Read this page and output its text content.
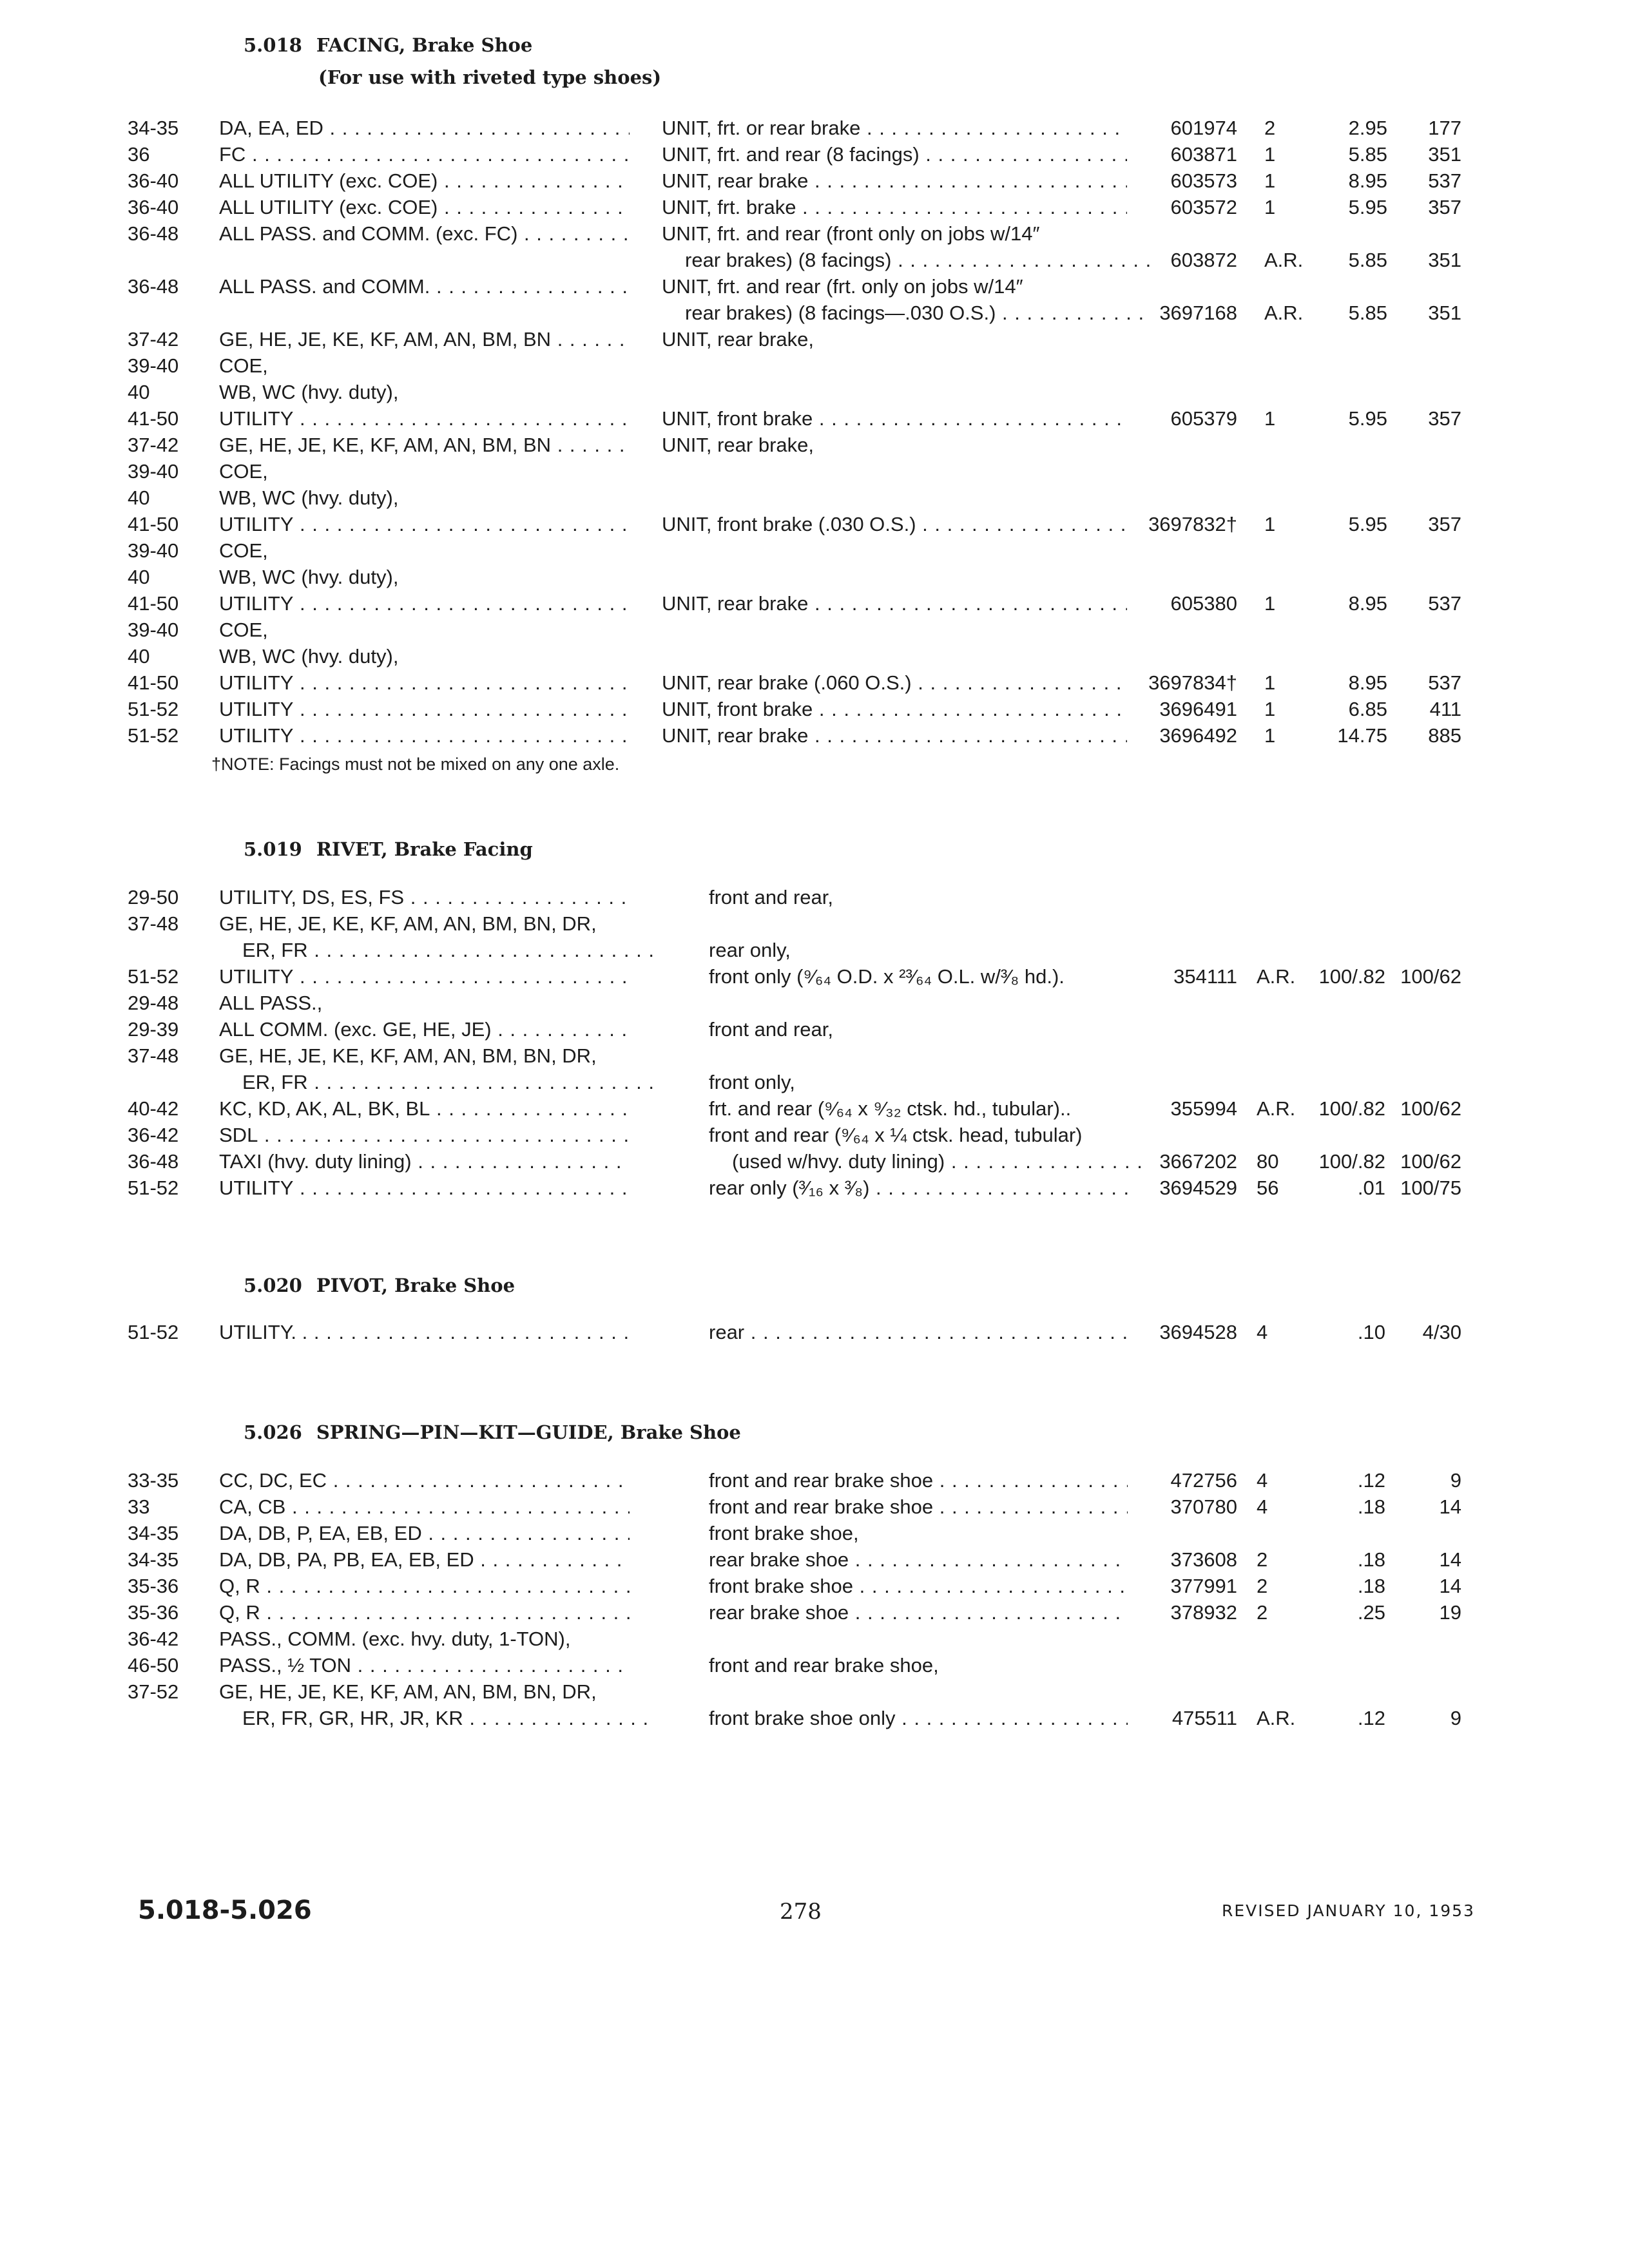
5.018 FACING, Brake Shoe
(For use with riveted type shoes)
34-35	DA, EA, ED . . .	UNIT, frt. or rear brake . . .	601974 2	2.95	177
36	FC . . .	UNIT, frt. and rear (8 facings) . . .	603871 1	5.85	351
36-40	ALL UTILITY (exc. COE) . . .	UNIT, rear brake . . .	603573 1	8.95	537
36-40	ALL UTILITY (exc. COE) . . .	UNIT, frt. brake . . .	603572 1	5.95	357
36-48	ALL PASS. and COMM. (exc. FC) . . .	UNIT, frt. and rear (front only on jobs w/14″
rear brakes) (8 facings) . . .	603872 A.R.	5.85	351
36-48	ALL PASS. and COMM. . . .	UNIT, frt. and rear (frt. only on jobs w/14″
rear brakes) (8 facings—.030 O.S.) . . .	3697168 A.R.	5.85	351
37-42	GE, HE, JE, KE, KF, AM, AN, BM, BN . . .	UNIT, rear brake,
39-40	COE,
40	WB, WC (hvy. duty),
41-50	UTILITY . . .	UNIT, front brake . . .	605379 1	5.95	357
37-42	GE, HE, JE, KE, KF, AM, AN, BM, BN . . .	UNIT, rear brake,
39-40	COE,
40	WB, WC (hvy. duty),
41-50	UTILITY . . .	UNIT, front brake (.030 O.S.) . . .	3697832† 1	5.95	357
39-40	COE,
40	WB, WC (hvy. duty),
41-50	UTILITY . . .	UNIT, rear brake . . .	605380 1	8.95	537
39-40	COE,
40	WB, WC (hvy. duty),
41-50	UTILITY . . .	UNIT, rear brake (.060 O.S.) . . .	3697834† 1	8.95	537
51-52	UTILITY . . .	UNIT, front brake . . .	3696491 1	6.85	411
51-52	UTILITY . . .	UNIT, rear brake . . .	3696492 1	14.75	885
†NOTE: Facings must not be mixed on any one axle.
5.019 RIVET, Brake Facing
29-50	UTILITY, DS, ES, FS . . .	front and rear,
37-48	GE, HE, JE, KE, KF, AM, AN, BM, BN, DR,
ER, FR . . .	rear only,
51-52	UTILITY . . .	front only (⁹⁄₆₄ O.D. x ²³⁄₆₄ O.L. w/³⁄₈ hd.).	354111 A.R.	100/.82 100/62
29-48	ALL PASS.,
29-39	ALL COMM. (exc. GE, HE, JE) . . .	front and rear,
37-48	GE, HE, JE, KE, KF, AM, AN, BM, BN, DR,
ER, FR . . .	front only,
40-42	KC, KD, AK, AL, BK, BL . . .	frt. and rear (⁹⁄₆₄ x ⁹⁄₃₂ ctsk. hd., tubular)..	355994 A.R.	100/.82 100/62
36-42	SDL . . .	front and rear (⁹⁄₆₄ x ¼ ctsk. head, tubular)
36-48	TAXI (hvy. duty lining) . . .	(used w/hvy. duty lining) . . .	3667202 80	100/.82 100/62
51-52	UTILITY . . .	rear only (³⁄₁₆ x ³⁄₈) . . .	3694529 56	.01 100/75
5.020 PIVOT, Brake Shoe
51-52	UTILITY. . . . .	rear . . .	3694528 4	.10	4/30
5.026 SPRING—PIN—KIT—GUIDE, Brake Shoe
33-35	CC, DC, EC . . .	front and rear brake shoe . . .	472756 4	.12	9
33	CA, CB . . .	front and rear brake shoe . . .	370780 4	.18	14
34-35	DA, DB, P, EA, EB, ED . . .	front brake shoe,
34-35	DA, DB, PA, PB, EA, EB, ED . . .	rear brake shoe . . .	373608 2	.18	14
35-36	Q, R . . .	front brake shoe . . .	377991 2	.18	14
35-36	Q, R . . .	rear brake shoe . . .	378932 2	.25	19
36-42	PASS., COMM. (exc. hvy. duty, 1-TON),
46-50	PASS., ½ TON . . .	front and rear brake shoe,
37-52	GE, HE, JE, KE, KF, AM, AN, BM, BN, DR,
ER, FR, GR, HR, JR, KR . . .	front brake shoe only . . .	475511 A.R.	.12	9
5.018-5.026	278	REVISED JANUARY 10, 1953
